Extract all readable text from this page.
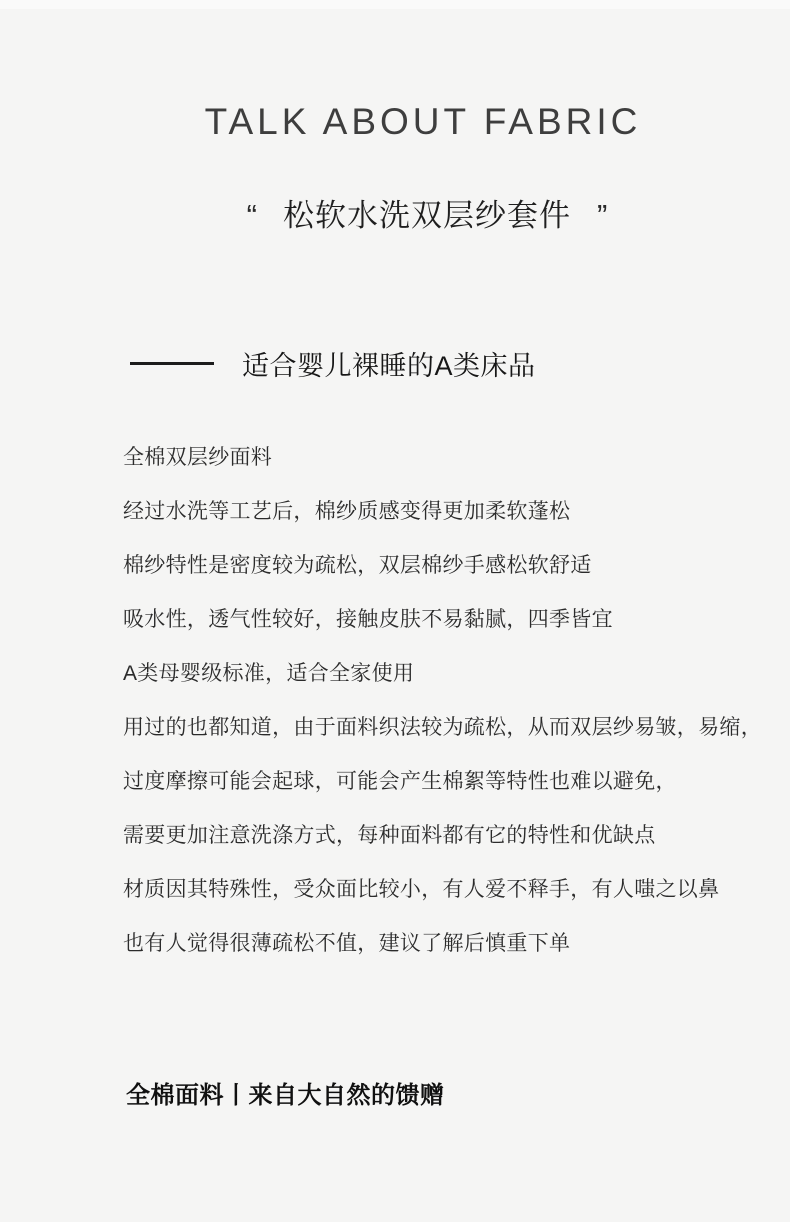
TALK ABOUT FABRIC
“ 松软水洗双层纱套件 ”
适合婴儿裸睡的A类床品
全棉双层纱面料
经过水洗等工艺后，棉纱质感变得更加柔软蓬松
棉纱特性是密度较为疏松，双层棉纱手感松软舒适
吸水性，透气性较好，接触皮肤不易黏腻，四季皆宜
A类母婴级标准，适合全家使用
用过的也都知道，由于面料织法较为疏松，从而双层纱易皱，易缩，
过度摩擦可能会起球，可能会产生棉絮等特性也难以避免，
需要更加注意洗涤方式，每种面料都有它的特性和优缺点
材质因其特殊性，受众面比较小，有人爱不释手，有人嗤之以鼻
也有人觉得很薄疏松不值，建议了解后慎重下单
全棉面料丨来自大自然的馈赠
